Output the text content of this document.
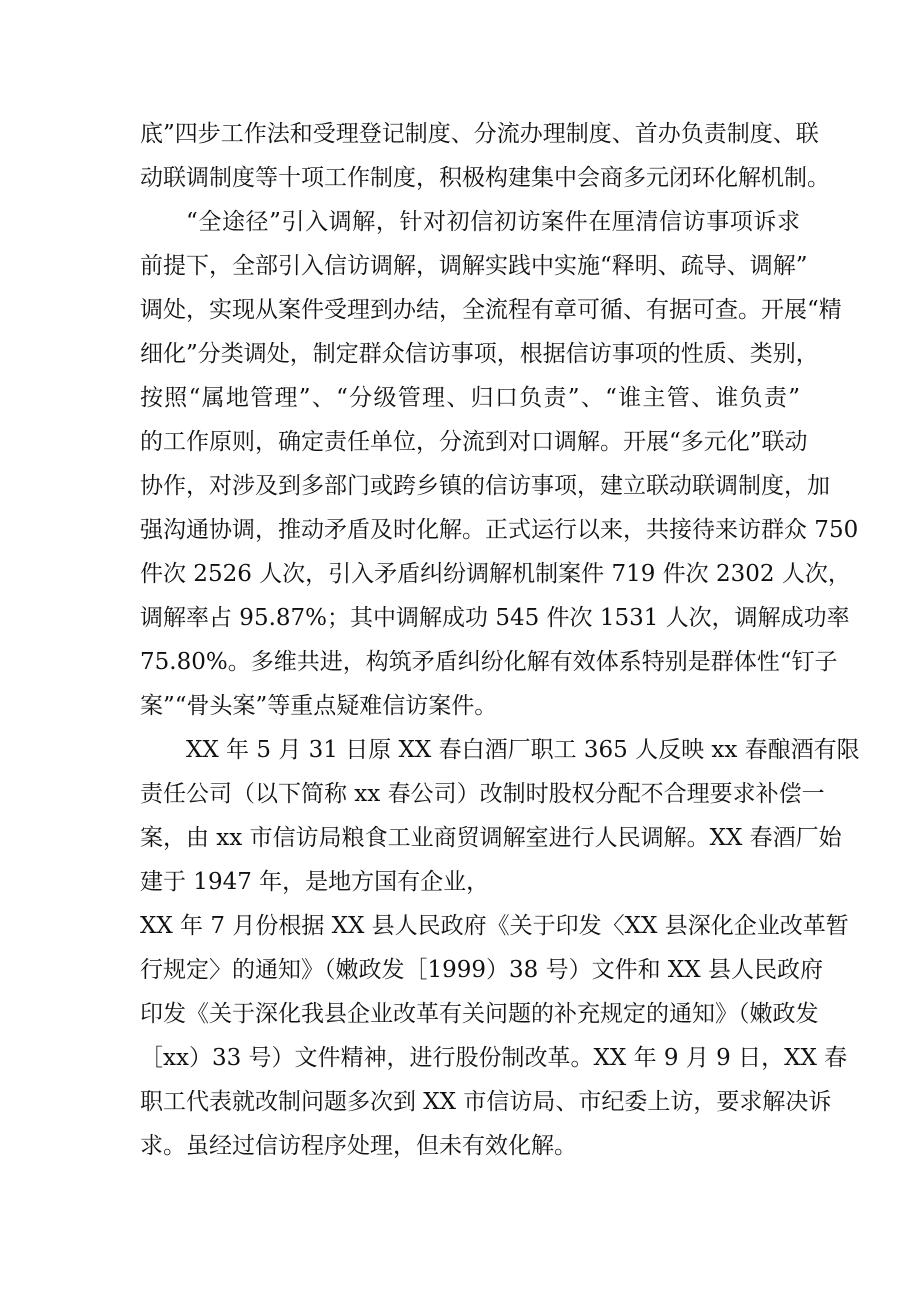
底”四步工作法和受理登记制度、分流办理制度、首办负责制度、联
动联调制度等十项工作制度，积极构建集中会商多元闭环化解机制。
“全途径”引入调解，针对初信初访案件在厘清信访事项诉求
前提下，全部引入信访调解，调解实践中实施“释明、疏导、调解”
调处，实现从案件受理到办结，全流程有章可循、有据可查。开展“精
细化”分类调处，制定群众信访事项，根据信访事项的性质、类别，
按照“属地管理”、“分级管理、归口负责”、“谁主管、谁负责”
的工作原则，确定责任单位，分流到对口调解。开展“多元化”联动
协作，对涉及到多部门或跨乡镇的信访事项，建立联动联调制度，加
强沟通协调，推动矛盾及时化解。正式运行以来，共接待来访群众 750
件次 2526 人次，引入矛盾纠纷调解机制案件 719 件次 2302 人次，
调解率占 95.87%；其中调解成功 545 件次 1531 人次，调解成功率
75.80%。多维共进，构筑矛盾纠纷化解有效体系特别是群体性“钉子
案”“骨头案”等重点疑难信访案件。
XX 年 5 月 31 日原 XX 春白酒厂职工 365 人反映 xx 春酿酒有限
责任公司（以下简称 xx 春公司）改制时股权分配不合理要求补偿一
案，由 xx 市信访局粮食工业商贸调解室进行人民调解。XX 春酒厂始
建于 1947 年，是地方国有企业，
XX 年 7 月份根据 XX 县人民政府《关于印发〈XX 县深化企业改革暂
行规定〉的通知》（嫩政发［1999）38 号）文件和 XX 县人民政府
印发《关于深化我县企业改革有关问题的补充规定的通知》（嫩政发
［xx）33 号）文件精神，进行股份制改革。XX 年 9 月 9 日，XX 春
职工代表就改制问题多次到 XX 市信访局、市纪委上访，要求解决诉
求。虽经过信访程序处理，但未有效化解。
